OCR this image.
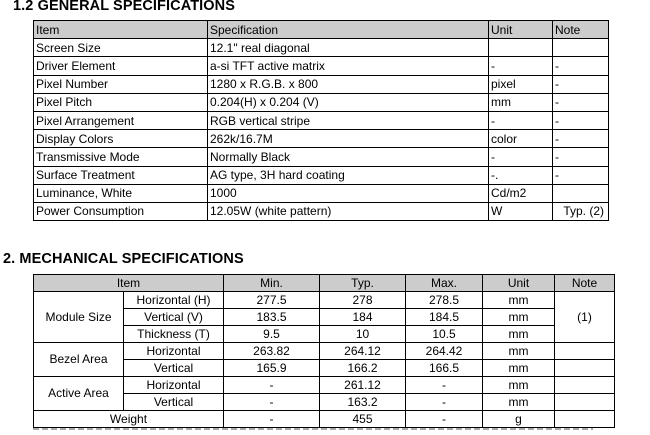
1.2 GENERAL SPECIFICATIONS
Item	Specification	Unit	Note
Screen Size	12.1" real diagonal		
Driver Element	a-si TFT active matrix	-	-
Pixel Number	1280 x R.G.B. x 800	pixel	-
Pixel Pitch	0.204(H) x 0.204 (V)	mm	-
Pixel Arrangement	RGB vertical stripe	-	-
Display Colors	262k/16.7M	color	-
Transmissive Mode	Normally Black	-	-
Surface Treatment	AG type, 3H hard coating	-.	-
Luminance, White	1000	Cd/m2	
Power Consumption	12.05W (white pattern)	W	Typ. (2)
2. MECHANICAL SPECIFICATIONS
Item		Min.	Typ.	Max.	Unit	Note
Module Size	Horizontal (H)	277.5	278	278.5	mm	(1)
	Vertical (V)	183.5	184	184.5	mm	
	Thickness (T)	9.5	10	10.5	mm	
Bezel Area	Horizontal	263.82	264.12	264.42	mm	
	Vertical	165.9	166.2	166.5	mm	
Active Area	Horizontal	-	261.12	-	mm	
	Vertical	-	163.2	-	mm	
Weight		-	455	-	g	
